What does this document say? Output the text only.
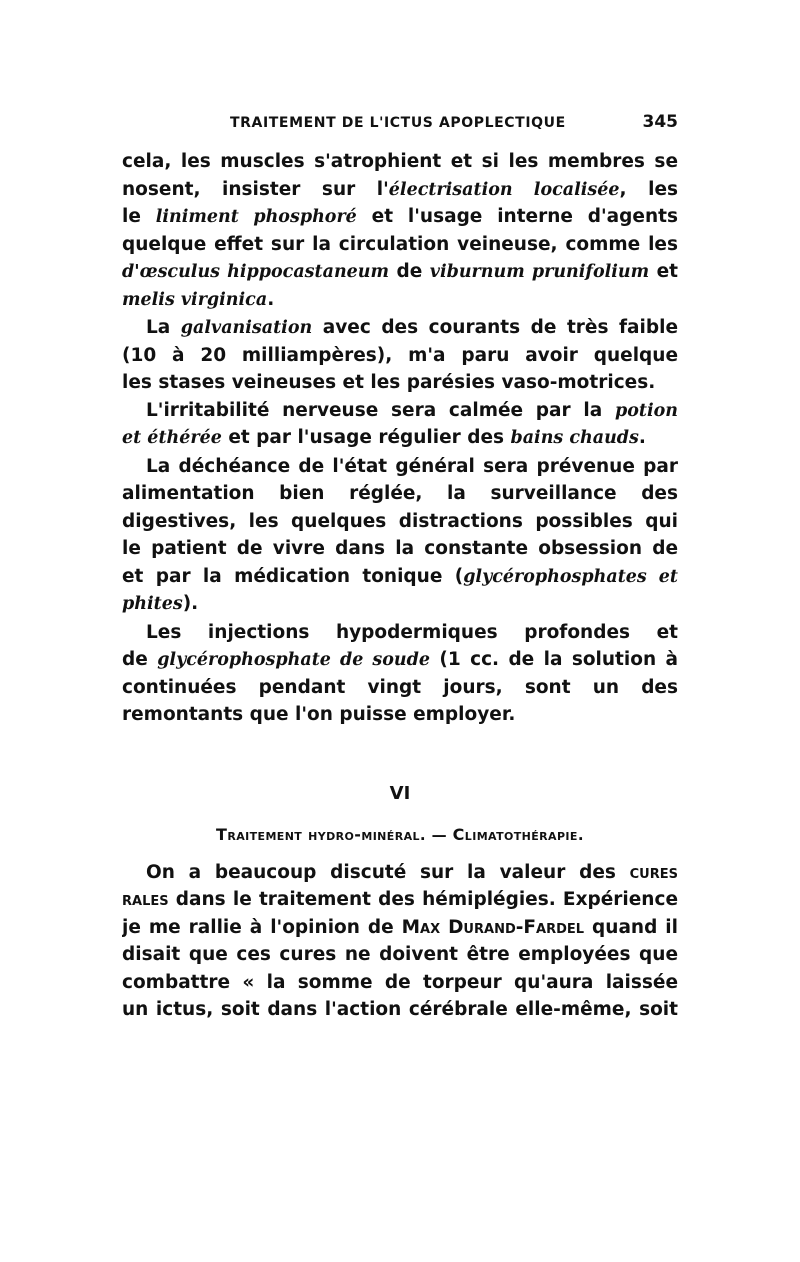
TRAITEMENT DE L'ICTUS APOPLECTIQUE	345
cela, les muscles s'atrophient et si les membres se
nosent, insister sur l'électrisation localisée, les
le liniment phosphoré et l'usage interne d'agents
quelque effet sur la circulation veineuse, comme les
d'œsculus hippocastaneum de viburnum prunifolium et
melis virginica.
La galvanisation avec des courants de très faible
(10 à 20 milliampères), m'a paru avoir quelque
les stases veineuses et les parésies vaso-motrices.
L'irritabilité nerveuse sera calmée par la potion
et éthérée et par l'usage régulier des bains chauds.
La déchéance de l'état général sera prévenue par
alimentation bien réglée, la surveillance des
digestives, les quelques distractions possibles qui
le patient de vivre dans la constante obsession de
et par la médication tonique (glycérophosphates et
phites).
Les injections hypodermiques profondes et
de glycérophosphate de soude (1 cc. de la solution à
continuées pendant vingt jours, sont un des
remontants que l'on puisse employer.
VI
Traitement hydro-minéral. — Climatothérapie.
On a beaucoup discuté sur la valeur des cures
rales dans le traitement des hémiplégies. Expérience
je me rallie à l'opinion de Max Durand-Fardel quand il
disait que ces cures ne doivent être employées que
combattre « la somme de torpeur qu'aura laissée
un ictus, soit dans l'action cérébrale elle-même, soit
